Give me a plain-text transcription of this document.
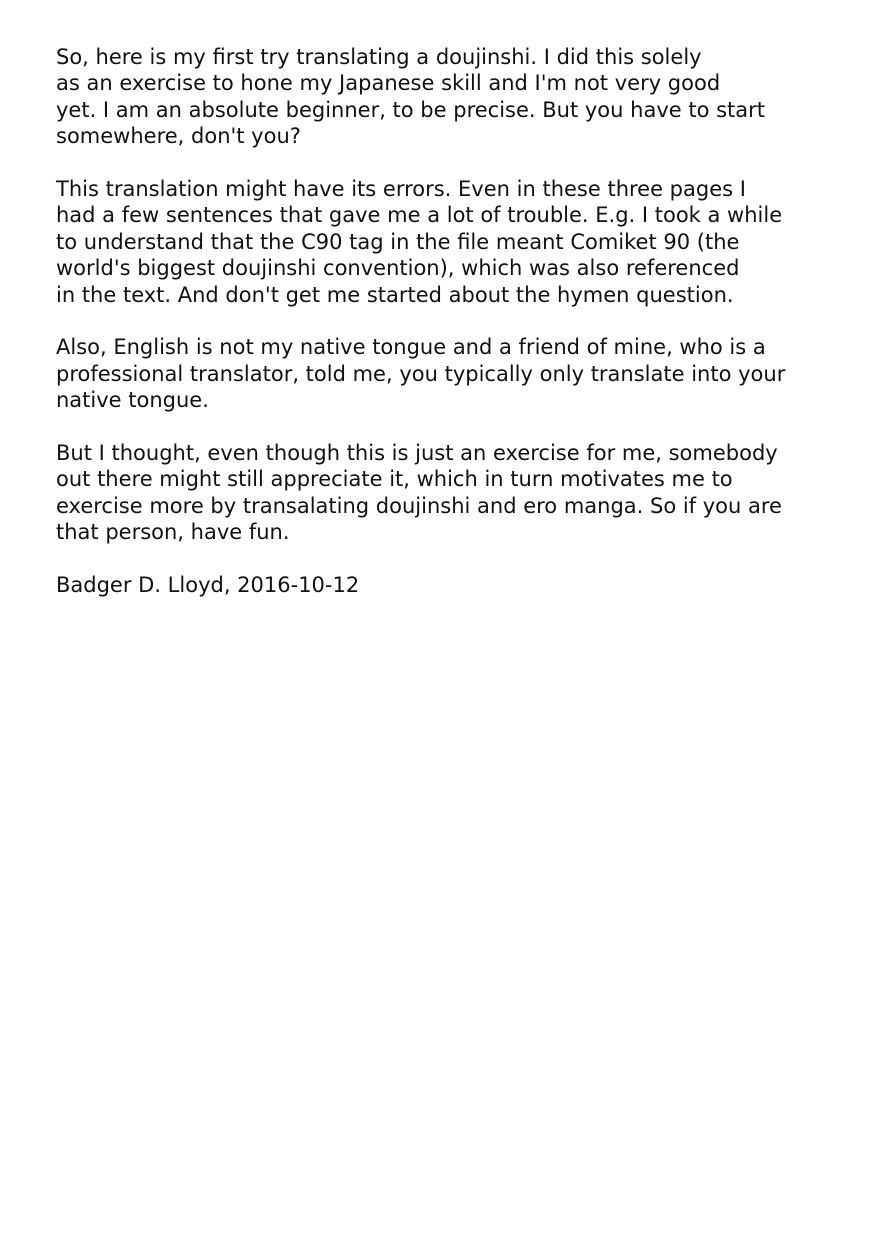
So, here is my first try translating a doujinshi. I did this solely
as an exercise to hone my Japanese skill and I'm not very good
yet. I am an absolute beginner, to be precise. But you have to start
somewhere, don't you?

This translation might have its errors. Even in these three pages I
had a few sentences that gave me a lot of trouble. E.g. I took a while
to understand that the C90 tag in the file meant Comiket 90 (the
world's biggest doujinshi convention), which was also referenced
in the text. And don't get me started about the hymen question.

Also, English is not my native tongue and a friend of mine, who is a
professional translator, told me, you typically only translate into your
native tongue.

But I thought, even though this is just an exercise for me, somebody
out there might still appreciate it, which in turn motivates me to
exercise more by transalating doujinshi and ero manga. So if you are
that person, have fun.

Badger D. Lloyd, 2016-10-12
